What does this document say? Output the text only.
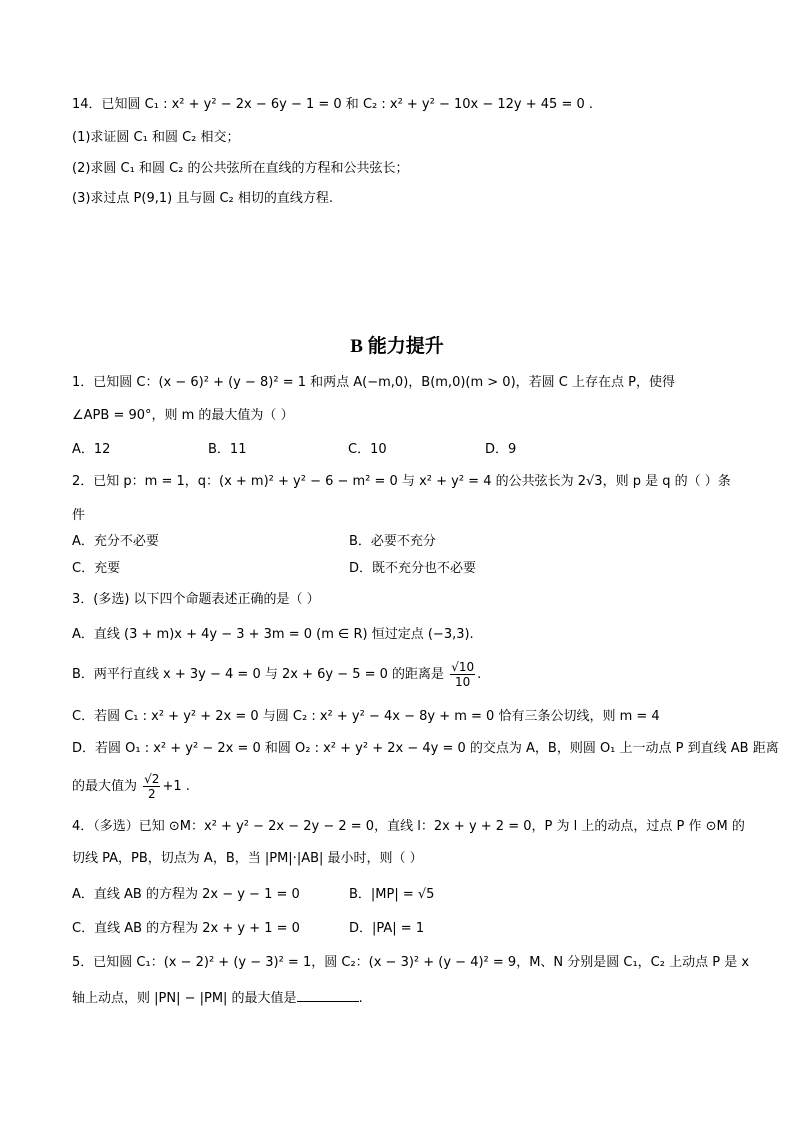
14．已知圆 C₁ : x² + y² − 2x − 6y − 1 = 0 和 C₂ : x² + y² − 10x − 12y + 45 = 0 .
(1)求证圆 C₁ 和圆 C₂ 相交；
(2)求圆 C₁ 和圆 C₂ 的公共弦所在直线的方程和公共弦长；
(3)求过点 P(9,1) 且与圆 C₂ 相切的直线方程.
B 能力提升
1．已知圆 C：(x − 6)² + (y − 8)² = 1 和两点 A(−m,0)，B(m,0)(m > 0)，若圆 C 上存在点 P，使得
∠APB = 90°，则 m 的最大值为（ ）
A．12	B．11	C．10	D．9
2．已知 p：m = 1，q：(x + m)² + y² − 6 − m² = 0 与 x² + y² = 4 的公共弦长为 2√3，则 p 是 q 的（ ）条
件
A．充分不必要	B．必要不充分
C．充要	D．既不充分也不必要
3．(多选) 以下四个命题表述正确的是（ ）
A．直线 (3 + m)x + 4y − 3 + 3m = 0 (m ∈ R) 恒过定点 (−3,3).
B．两平行直线 x + 3y − 4 = 0 与 2x + 6y − 5 = 0 的距离是 $\frac{√10}{10}$ .
C．若圆 C₁ : x² + y² + 2x = 0 与圆 C₂ : x² + y² − 4x − 8y + m = 0 恰有三条公切线，则 m = 4
D．若圆 O₁ : x² + y² − 2x = 0 和圆 O₂ : x² + y² + 2x − 4y = 0 的交点为 A，B，则圆 O₁ 上一动点 P 到直线 AB 距离
的最大值为 $\frac{√2}{2} +1$ .
4．（多选）已知 ⊙M：x² + y² − 2x − 2y − 2 = 0，直线 l：2x + y + 2 = 0，P 为 l 上的动点，过点 P 作 ⊙M 的
切线 PA，PB，切点为 A，B，当 |PM|·|AB| 最小时，则（ ）
A．直线 AB 的方程为 2x − y − 1 = 0	B．|MP| = √5
C．直线 AB 的方程为 2x + y + 1 = 0	D．|PA| = 1
5．已知圆 C₁：(x − 2)² + (y − 3)² = 1，圆 C₂：(x − 3)² + (y − 4)² = 9，M、N 分别是圆 C₁，C₂ 上动点 P 是 x
轴上动点，则 |PN| − |PM| 的最大值是	.
